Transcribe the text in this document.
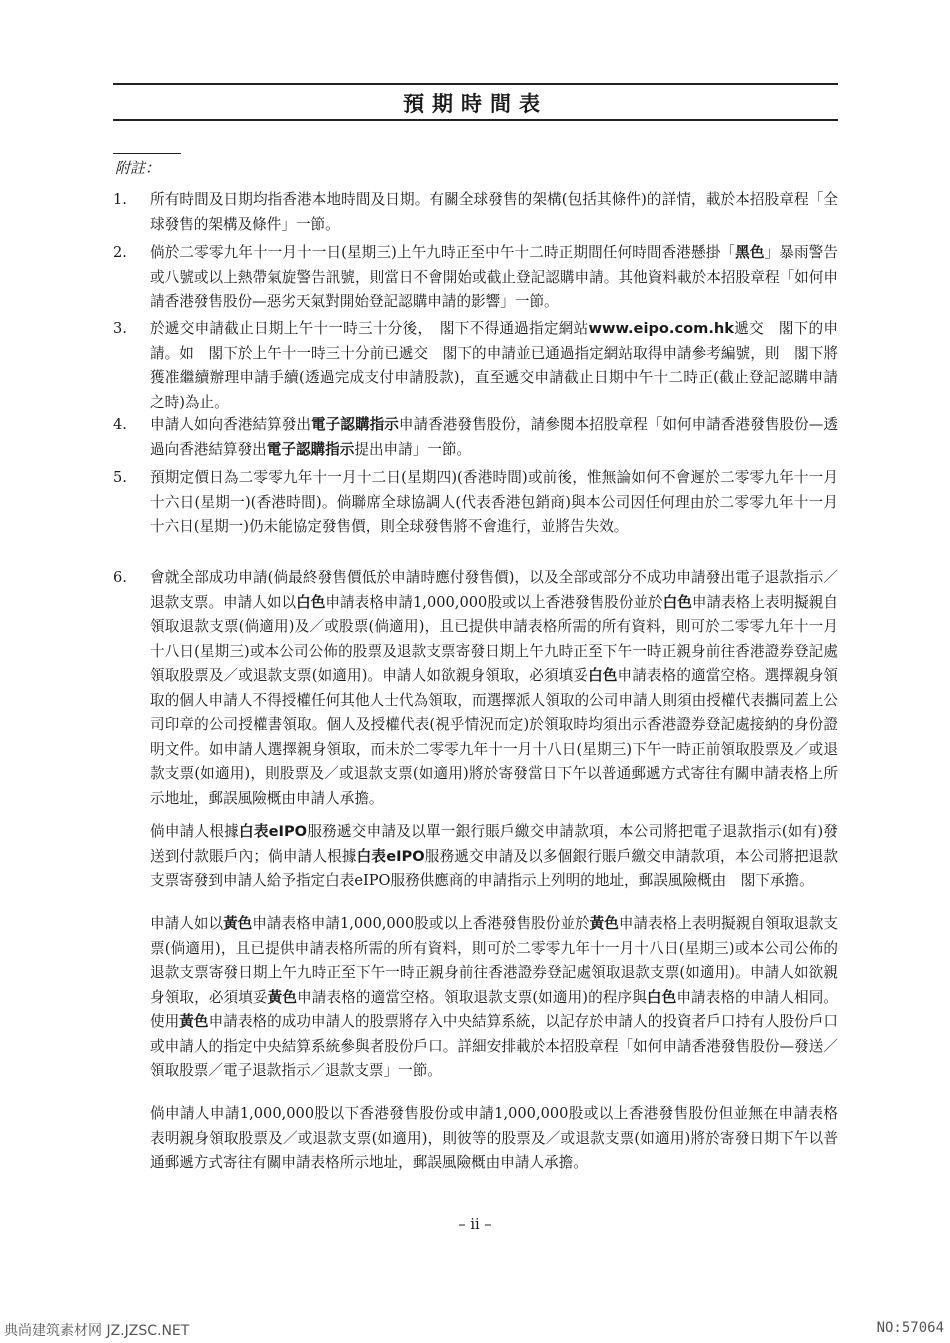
預期時間表
附註：
1.	所有時間及日期均指香港本地時間及日期。有關全球發售的架構(包括其條件)的詳情，載於本招股章程「全球發售的架構及條件」一節。
2.	倘於二零零九年十一月十一日(星期三)上午九時正至中午十二時正期間任何時間香港懸掛「黑色」暴雨警告或八號或以上熱帶氣旋警告訊號，則當日不會開始或截止登記認購申請。其他資料載於本招股章程「如何申請香港發售股份—惡劣天氣對開始登記認購申請的影響」一節。
3.	於遞交申請截止日期上午十一時三十分後，　閣下不得通過指定網站www.eipo.com.hk遞交　閣下的申請。如　閣下於上午十一時三十分前已遞交　閣下的申請並已通過指定網站取得申請參考編號，則　閣下將獲准繼續辦理申請手續(透過完成支付申請股款)，直至遞交申請截止日期中午十二時正(截止登記認購申請之時)為止。
4.	申請人如向香港結算發出電子認購指示申請香港發售股份，請參閱本招股章程「如何申請香港發售股份—透過向香港結算發出電子認購指示提出申請」一節。
5.	預期定價日為二零零九年十一月十二日(星期四)(香港時間)或前後，惟無論如何不會遲於二零零九年十一月十六日(星期一)(香港時間)。倘聯席全球協調人(代表香港包銷商)與本公司因任何理由於二零零九年十一月十六日(星期一)仍未能協定發售價，則全球發售將不會進行，並將告失效。
6.	會就全部成功申請(倘最終發售價低於申請時應付發售價)，以及全部或部分不成功申請發出電子退款指示／退款支票。申請人如以白色申請表格申請1,000,000股或以上香港發售股份並於白色申請表格上表明擬親自領取退款支票(倘適用)及／或股票(倘適用)，且已提供申請表格所需的所有資料，則可於二零零九年十一月十八日(星期三)或本公司公佈的股票及退款支票寄發日期上午九時正至下午一時正親身前往香港證券登記處領取股票及／或退款支票(如適用)。申請人如欲親身領取，必須填妥白色申請表格的適當空格。選擇親身領取的個人申請人不得授權任何其他人士代為領取，而選擇派人領取的公司申請人則須由授權代表攜同蓋上公司印章的公司授權書領取。個人及授權代表(視乎情況而定)於領取時均須出示香港證券登記處接納的身份證明文件。如申請人選擇親身領取，而未於二零零九年十一月十八日(星期三)下午一時正前領取股票及／或退款支票(如適用)，則股票及／或退款支票(如適用)將於寄發當日下午以普通郵遞方式寄往有關申請表格上所示地址，郵誤風險概由申請人承擔。
倘申請人根據白表eIPO服務遞交申請及以單一銀行賬戶繳交申請款項，本公司將把電子退款指示(如有)發送到付款賬戶內；倘申請人根據白表eIPO服務遞交申請及以多個銀行賬戶繳交申請款項，本公司將把退款支票寄發到申請人給予指定白表eIPO服務供應商的申請指示上列明的地址，郵誤風險概由　閣下承擔。
申請人如以黃色申請表格申請1,000,000股或以上香港發售股份並於黃色申請表格上表明擬親自領取退款支票(倘適用)，且已提供申請表格所需的所有資料，則可於二零零九年十一月十八日(星期三)或本公司公佈的退款支票寄發日期上午九時正至下午一時正親身前往香港證券登記處領取退款支票(如適用)。申請人如欲親身領取，必須填妥黃色申請表格的適當空格。領取退款支票(如適用)的程序與白色申請表格的申請人相同。使用黃色申請表格的成功申請人的股票將存入中央結算系統，以記存於申請人的投資者戶口持有人股份戶口或申請人的指定中央結算系統參與者股份戶口。詳細安排載於本招股章程「如何申請香港發售股份—發送／領取股票／電子退款指示／退款支票」一節。
倘申請人申請1,000,000股以下香港發售股份或申請1,000,000股或以上香港發售股份但並無在申請表格表明親身領取股票及／或退款支票(如適用)，則彼等的股票及／或退款支票(如適用)將於寄發日期下午以普通郵遞方式寄往有關申請表格所示地址，郵誤風險概由申請人承擔。
– ii –
典尚建筑素材网 JZ.JZSC.NET	NO:57064
